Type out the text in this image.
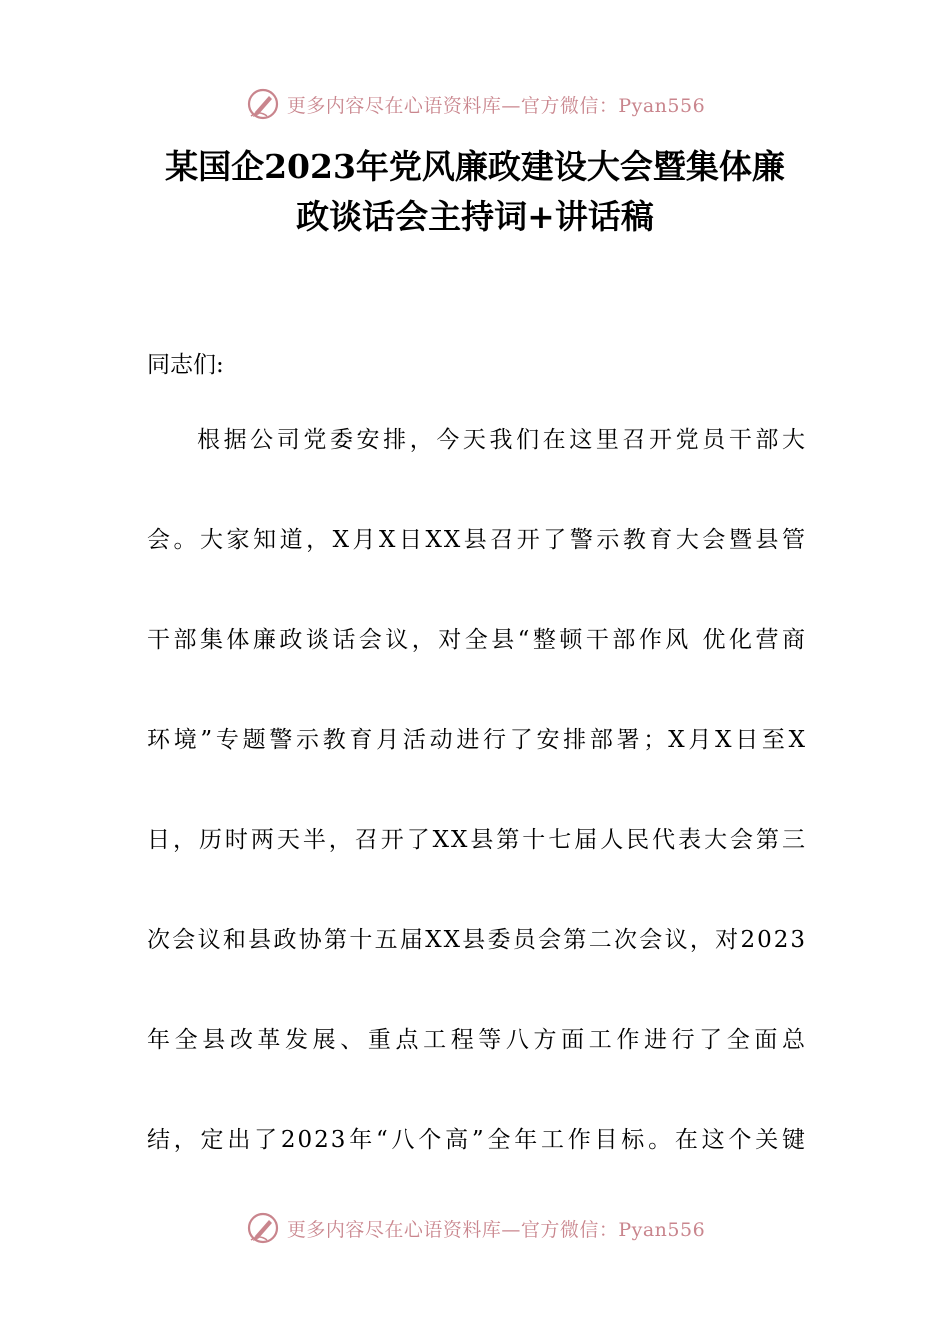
更多内容尽在心语资料库—官方微信：Pyan556
某国企2023年党风廉政建设大会暨集体廉
政谈话会主持词+讲话稿

同志们:

根据公司党委安排，今天我们在这里召开党员干部大
会。大家知道，X月X日XX县召开了警示教育大会暨县管
干部集体廉政谈话会议，对全县“整顿干部作风 优化营商
环境”专题警示教育月活动进行了安排部署；X月X日至X
日，历时两天半，召开了XX县第十七届人民代表大会第三
次会议和县政协第十五届XX县委员会第二次会议，对2023
年全县改革发展、重点工程等八方面工作进行了全面总
结，定出了2023年“八个高”全年工作目标。在这个关键
更多内容尽在心语资料库—官方微信：Pyan556
